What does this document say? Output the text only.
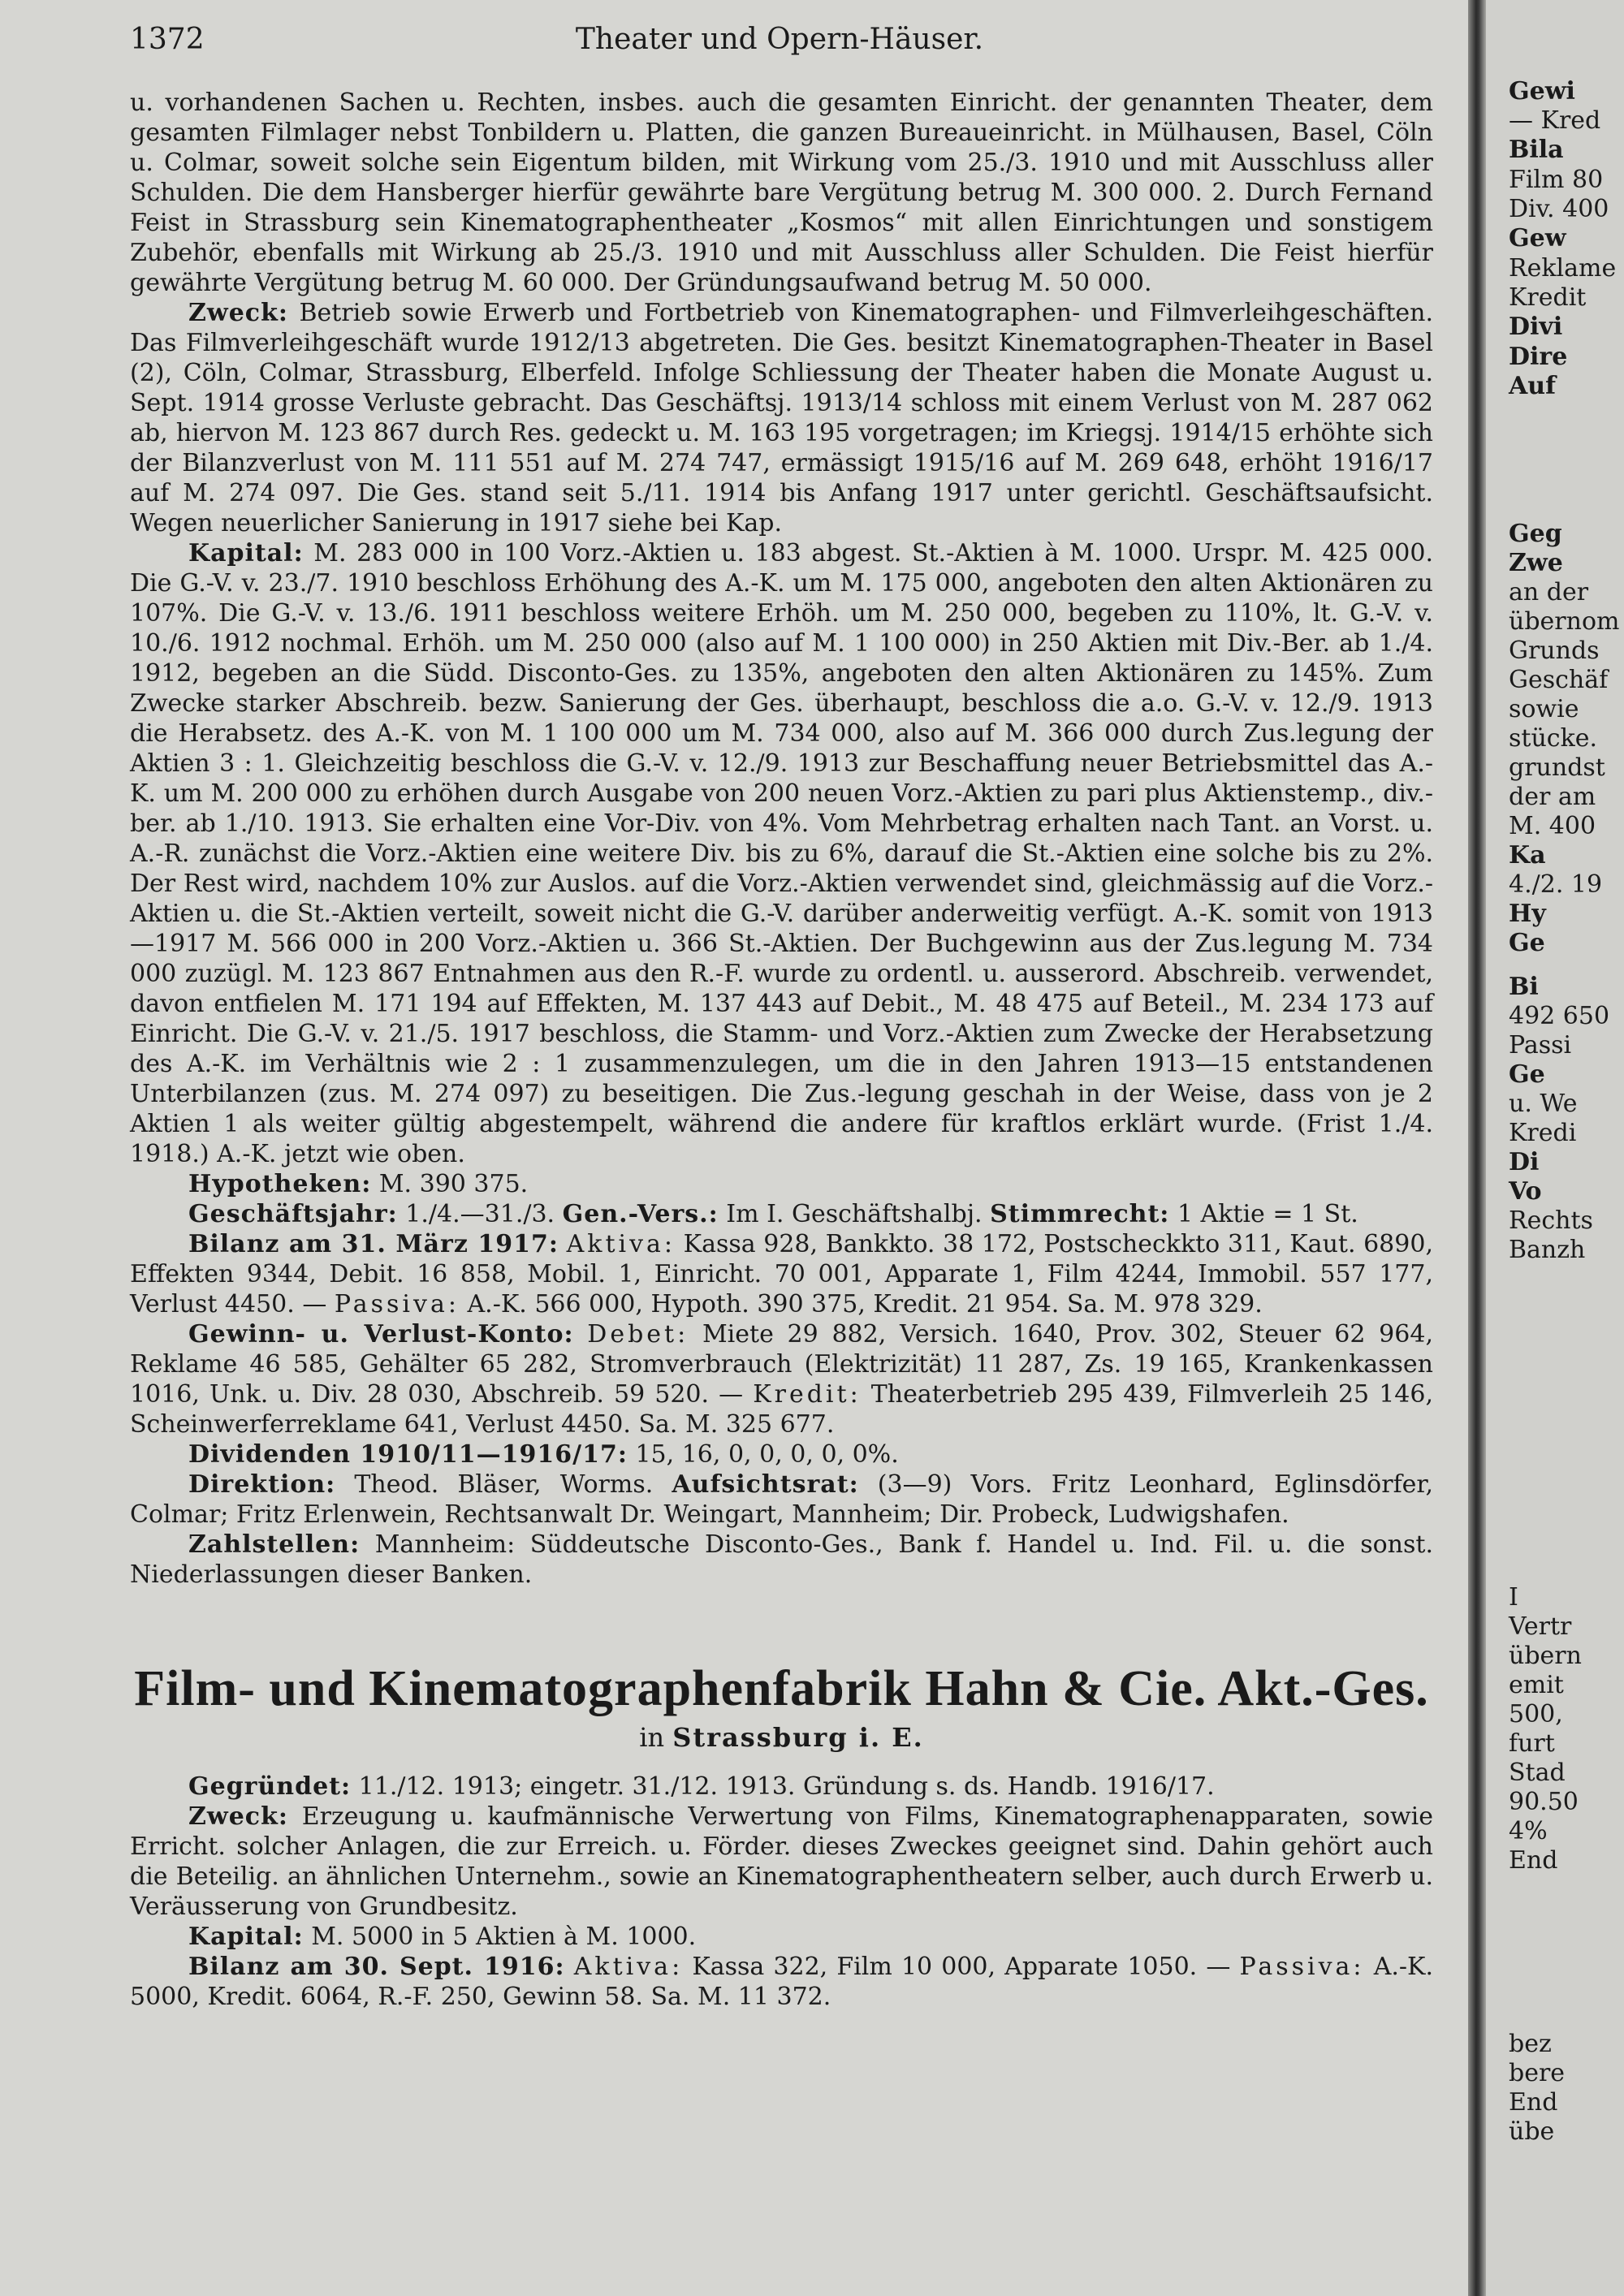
1372	Theater und Opern-Häuser.

u. vorhandenen Sachen u. Rechten, insbes. auch die gesamten Einricht. der genannten Theater, dem gesamten Filmlager nebst Tonbildern u. Platten, die ganzen Bureaueinricht. in Mülhausen, Basel, Cöln u. Colmar, soweit solche sein Eigentum bilden, mit Wirkung vom 25./3. 1910 und mit Ausschluss aller Schulden. Die dem Hansberger hierfür gewährte bare Vergütung betrug M. 300 000. 2. Durch Fernand Feist in Strassburg sein Kinematographentheater „Kosmos“ mit allen Einrichtungen und sonstigem Zubehör, ebenfalls mit Wirkung ab 25./3. 1910 und mit Ausschluss aller Schulden. Die Feist hierfür gewährte Vergütung betrug M. 60 000. Der Gründungsaufwand betrug M. 50 000.

Zweck: Betrieb sowie Erwerb und Fortbetrieb von Kinematographen- und Filmverleihgeschäften. Das Filmverleihgeschäft wurde 1912/13 abgetreten. Die Ges. besitzt Kinematographen-Theater in Basel (2), Cöln, Colmar, Strassburg, Elberfeld. Infolge Schliessung der Theater haben die Monate August u. Sept. 1914 grosse Verluste gebracht. Das Geschäftsj. 1913/14 schloss mit einem Verlust von M. 287 062 ab, hiervon M. 123 867 durch Res. gedeckt u. M. 163 195 vorgetragen; im Kriegsj. 1914/15 erhöhte sich der Bilanzverlust von M. 111 551 auf M. 274 747, ermässigt 1915/16 auf M. 269 648, erhöht 1916/17 auf M. 274 097. Die Ges. stand seit 5./11. 1914 bis Anfang 1917 unter gerichtl. Geschäftsaufsicht. Wegen neuerlicher Sanierung in 1917 siehe bei Kap.

Kapital: M. 283 000 in 100 Vorz.-Aktien u. 183 abgest. St.-Aktien à M. 1000. Urspr. M. 425 000. Die G.-V. v. 23./7. 1910 beschloss Erhöhung des A.-K. um M. 175 000, angeboten den alten Aktionären zu 107%. Die G.-V. v. 13./6. 1911 beschloss weitere Erhöh. um M. 250 000, begeben zu 110%, lt. G.-V. v. 10./6. 1912 nochmal. Erhöh. um M. 250 000 (also auf M. 1 100 000) in 250 Aktien mit Div.-Ber. ab 1./4. 1912, begeben an die Südd. Disconto-Ges. zu 135%, angeboten den alten Aktionären zu 145%. Zum Zwecke starker Abschreib. bezw. Sanierung der Ges. überhaupt, beschloss die a.o. G.-V. v. 12./9. 1913 die Herabsetz. des A.-K. von M. 1 100 000 um M. 734 000, also auf M. 366 000 durch Zus.legung der Aktien 3 : 1. Gleichzeitig beschloss die G.-V. v. 12./9. 1913 zur Beschaffung neuer Betriebsmittel das A.-K. um M. 200 000 zu erhöhen durch Ausgabe von 200 neuen Vorz.-Aktien zu pari plus Aktienstemp., div.-ber. ab 1./10. 1913. Sie erhalten eine Vor-Div. von 4%. Vom Mehrbetrag erhalten nach Tant. an Vorst. u. A.-R. zunächst die Vorz.-Aktien eine weitere Div. bis zu 6%, darauf die St.-Aktien eine solche bis zu 2%. Der Rest wird, nachdem 10% zur Auslos. auf die Vorz.-Aktien verwendet sind, gleichmässig auf die Vorz.-Aktien u. die St.-Aktien verteilt, soweit nicht die G.-V. darüber anderweitig verfügt. A.-K. somit von 1913—1917 M. 566 000 in 200 Vorz.-Aktien u. 366 St.-Aktien. Der Buchgewinn aus der Zus.legung M. 734 000 zuzügl. M. 123 867 Entnahmen aus den R.-F. wurde zu ordentl. u. ausserord. Abschreib. verwendet, davon entfielen M. 171 194 auf Effekten, M. 137 443 auf Debit., M. 48 475 auf Beteil., M. 234 173 auf Einricht. Die G.-V. v. 21./5. 1917 beschloss, die Stamm- und Vorz.-Aktien zum Zwecke der Herabsetzung des A.-K. im Verhältnis wie 2 : 1 zusammenzulegen, um die in den Jahren 1913—15 entstandenen Unterbilanzen (zus. M. 274 097) zu beseitigen. Die Zus.-legung geschah in der Weise, dass von je 2 Aktien 1 als weiter gültig abgestempelt, während die andere für kraftlos erklärt wurde. (Frist 1./4. 1918.) A.-K. jetzt wie oben.

Hypotheken: M. 390 375.

Geschäftsjahr: 1./4.—31./3. Gen.-Vers.: Im I. Geschäftshalbj. Stimmrecht: 1 Aktie = 1 St.

Bilanz am 31. März 1917: Aktiva: Kassa 928, Bankkto. 38 172, Postscheckkto 311, Kaut. 6890, Effekten 9344, Debit. 16 858, Mobil. 1, Einricht. 70 001, Apparate 1, Film 4244, Immobil. 557 177, Verlust 4450. — Passiva: A.-K. 566 000, Hypoth. 390 375, Kredit. 21 954. Sa. M. 978 329.

Gewinn- u. Verlust-Konto: Debet: Miete 29 882, Versich. 1640, Prov. 302, Steuer 62 964, Reklame 46 585, Gehälter 65 282, Stromverbrauch (Elektrizität) 11 287, Zs. 19 165, Krankenkassen 1016, Unk. u. Div. 28 030, Abschreib. 59 520. — Kredit: Theaterbetrieb 295 439, Filmverleih 25 146, Scheinwerferreklame 641, Verlust 4450. Sa. M. 325 677.

Dividenden 1910/11—1916/17: 15, 16, 0, 0, 0, 0, 0%.

Direktion: Theod. Bläser, Worms. Aufsichtsrat: (3—9) Vors. Fritz Leonhard, Eglinsdörfer, Colmar; Fritz Erlenwein, Rechtsanwalt Dr. Weingart, Mannheim; Dir. Probeck, Ludwigshafen.

Zahlstellen: Mannheim: Süddeutsche Disconto-Ges., Bank f. Handel u. Ind. Fil. u. die sonst. Niederlassungen dieser Banken.

Film- und Kinematographenfabrik Hahn & Cie. Akt.-Ges.
in Strassburg i. E.

Gegründet: 11./12. 1913; eingetr. 31./12. 1913. Gründung s. ds. Handb. 1916/17.

Zweck: Erzeugung u. kaufmännische Verwertung von Films, Kinematographenapparaten, sowie Erricht. solcher Anlagen, die zur Erreich. u. Förder. dieses Zweckes geeignet sind. Dahin gehört auch die Beteilig. an ähnlichen Unternehm., sowie an Kinematographentheatern selber, auch durch Erwerb u. Veräusserung von Grundbesitz.

Kapital: M. 5000 in 5 Aktien à M. 1000.

Bilanz am 30. Sept. 1916: Aktiva: Kassa 322, Film 10 000, Apparate 1050. — Passiva: A.-K. 5000, Kredit. 6064, R.-F. 250, Gewinn 58. Sa. M. 11 372.

Gewi
— Kred
Bila
Film 80
Div. 400
Gew
Reklame
Kredit
Divi
Dire
Auf
Geg
Zwe
an der
übernom
Grunds
Geschäf
sowie
stücke.
grundst
der am
M. 400
Ka
4./2. 19
Hy
Ge
Bi
492 650
Passi
Ge
u. We
Kredi
Di
Vo
Rechts
Banzh
I
Vertr
übern
emit
500,
furt
Stad
90.50
4%
End
bez
bere
End
übe
